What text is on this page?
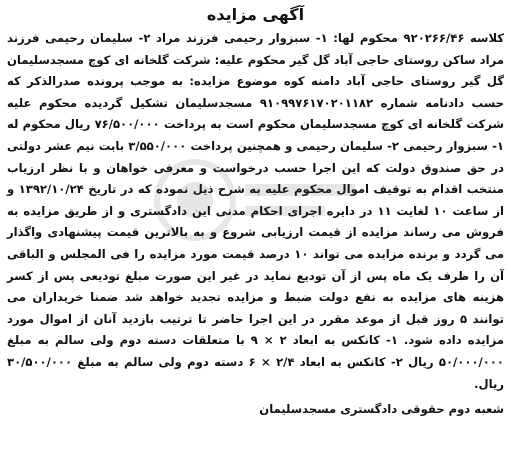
آگهی مزایده

کلاسه ۹۲۰۲۶۶/۴۶ محکوم لها: ۱- سبزوار رحیمی فرزند مراد ۲- سلیمان رحیمی فرزند مراد ساکن روستای حاجی آباد گل گیر محکوم علیه: شرکت گلخانه ای کوچ مسجدسلیمان گل گیر روستای حاجی آباد دامنه کوه موضوع مزایده: به موجب پرونده صدرالذکر که حسب دادنامه شماره ۹۱۰۹۹۷۶۱۷۰۲۰۱۱۸۲ مسجدسلیمان تشکیل گردیده محکوم علیه شرکت گلخانه ای کوچ مسجدسلیمان محکوم است به پرداخت ۷۶/۵۰۰/۰۰۰ ریال محکوم له ۱- سبزوار رحیمی ۲- سلیمان رحیمی و همچنین پرداخت ۳/۵۵۰/۰۰۰ بابت نیم عشر دولتی در حق صندوق دولت که این اجرا حسب درخواست و معرفی خواهان و با نظر ارزیاب منتخب اقدام به توقیف اموال محکوم علیه به شرح ذیل نموده که در تاریخ ۱۳۹۲/۱۰/۲۴ و از ساعت ۱۰ لغایت ۱۱ در دایره اجرای احکام مدنی این دادگستری و از طریق مزایده به فروش می رساند مزایده از قیمت ارزیابی شروع و به بالاترین قیمت پیشنهادی واگذار می گردد و برنده مزایده می تواند ۱۰ درصد قیمت مورد مزایده را فی المجلس و الباقی آن را ظرف یک ماه پس از آن تودیع نماید در غیر این صورت مبلغ تودیعی پس از کسر هزینه های مزایده به نفع دولت ضبط و مزایده تجدید خواهد شد ضمنا خریداران می توانند ۵ روز قبل از موعد مقرر در این اجرا حاضر تا ترتیب بازدید آنان از اموال مورد مزایده داده شود. ۱- کانکس به ابعاد ۲ × ۹ با متعلقات دسته دوم ولی سالم به مبلغ ۵۰/۰۰۰/۰۰۰ ریال ۲- کانکس به ابعاد ۲/۴ × ۶ دسته دوم ولی سالم به مبلغ ۳۰/۵۰۰/۰۰۰ ریال.

شعبه دوم حقوقی دادگستری مسجدسلیمان
